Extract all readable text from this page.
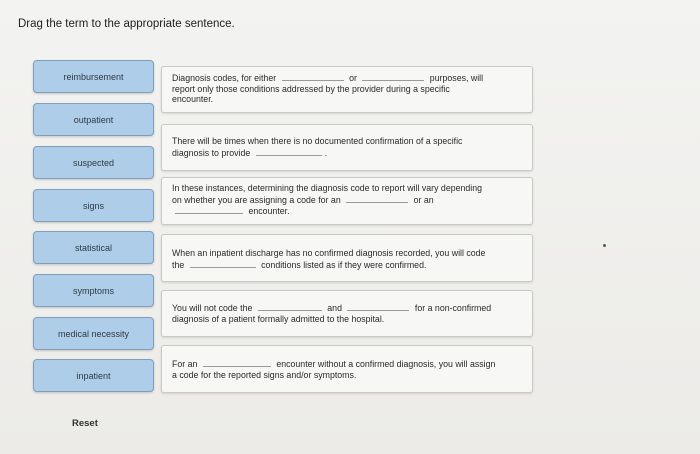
Drag the term to the appropriate sentence.
reimbursement
outpatient
suspected
signs
statistical
symptoms
medical necessity
inpatient
Reset
Diagnosis codes, for either	or	purposes, will
report only those conditions addressed by the provider during a specific
encounter.
There will be times when there is no documented confirmation of a specific
diagnosis to provide	.
In these instances, determining the diagnosis code to report will vary depending
on whether you are assigning a code for an	or an
encounter.
When an inpatient discharge has no confirmed diagnosis recorded, you will code
the	conditions listed as if they were confirmed.
You will not code the	and	for a non-confirmed
diagnosis of a patient formally admitted to the hospital.
For an	encounter without a confirmed diagnosis, you will assign
a code for the reported signs and/or symptoms.
